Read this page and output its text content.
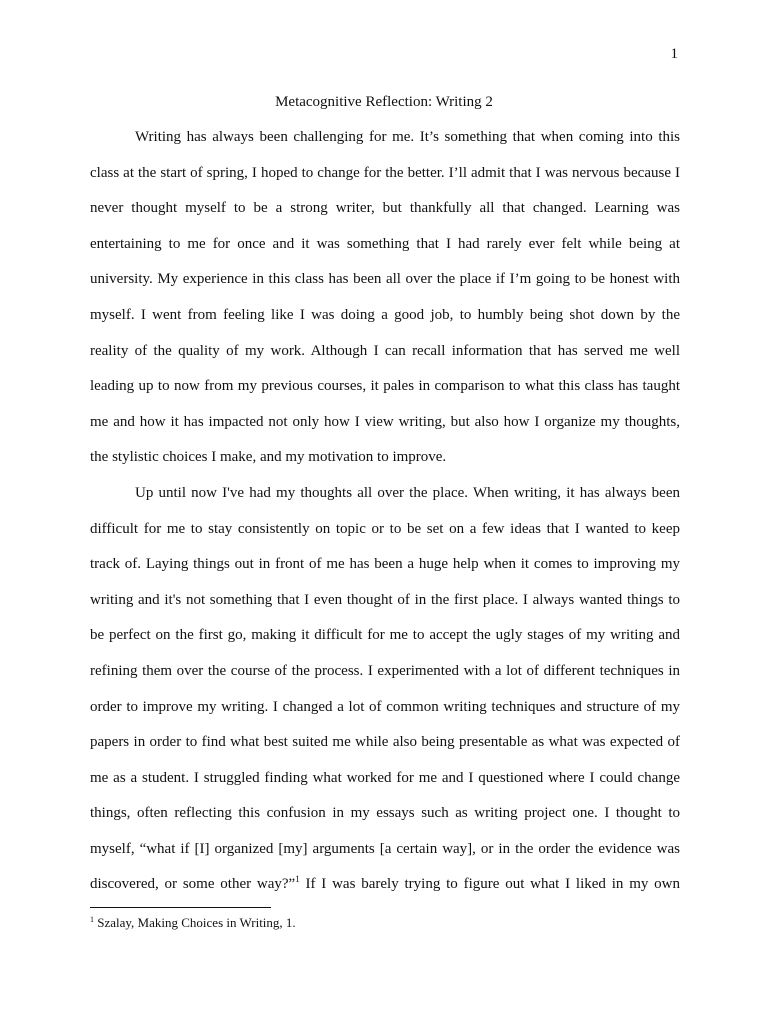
1
Metacognitive Reflection: Writing 2
Writing has always been challenging for me. It’s something that when coming into this
class at the start of spring, I hoped to change for the better. I’ll admit that I was nervous because I
never thought myself to be a strong writer, but thankfully all that changed. Learning was
entertaining to me for once and it was something that I had rarely ever felt while being at
university. My experience in this class has been all over the place if I’m going to be honest with
myself. I went from feeling like I was doing a good job, to humbly being shot down by the
reality of the quality of my work. Although I can recall information that has served me well
leading up to now from my previous courses, it pales in comparison to what this class has taught
me and how it has impacted not only how I view writing, but also how I organize my thoughts,
the stylistic choices I make, and my motivation to improve.
Up until now I've had my thoughts all over the place. When writing, it has always been
difficult for me to stay consistently on topic or to be set on a few ideas that I wanted to keep
track of. Laying things out in front of me has been a huge help when it comes to improving my
writing and it's not something that I even thought of in the first place. I always wanted things to
be perfect on the first go, making it difficult for me to accept the ugly stages of my writing and
refining them over the course of the process. I experimented with a lot of different techniques in
order to improve my writing. I changed a lot of common writing techniques and structure of my
papers in order to find what best suited me while also being presentable as what was expected of
me as a student. I struggled finding what worked for me and I questioned where I could change
things, often reflecting this confusion in my essays such as writing project one. I thought to
myself, “what if [I] organized [my] arguments [a certain way], or in the order the evidence was
discovered, or some other way?”$^1$ If I was barely trying to figure out what I liked in my own
$^1$ Szalay, Making Choices in Writing, 1.
